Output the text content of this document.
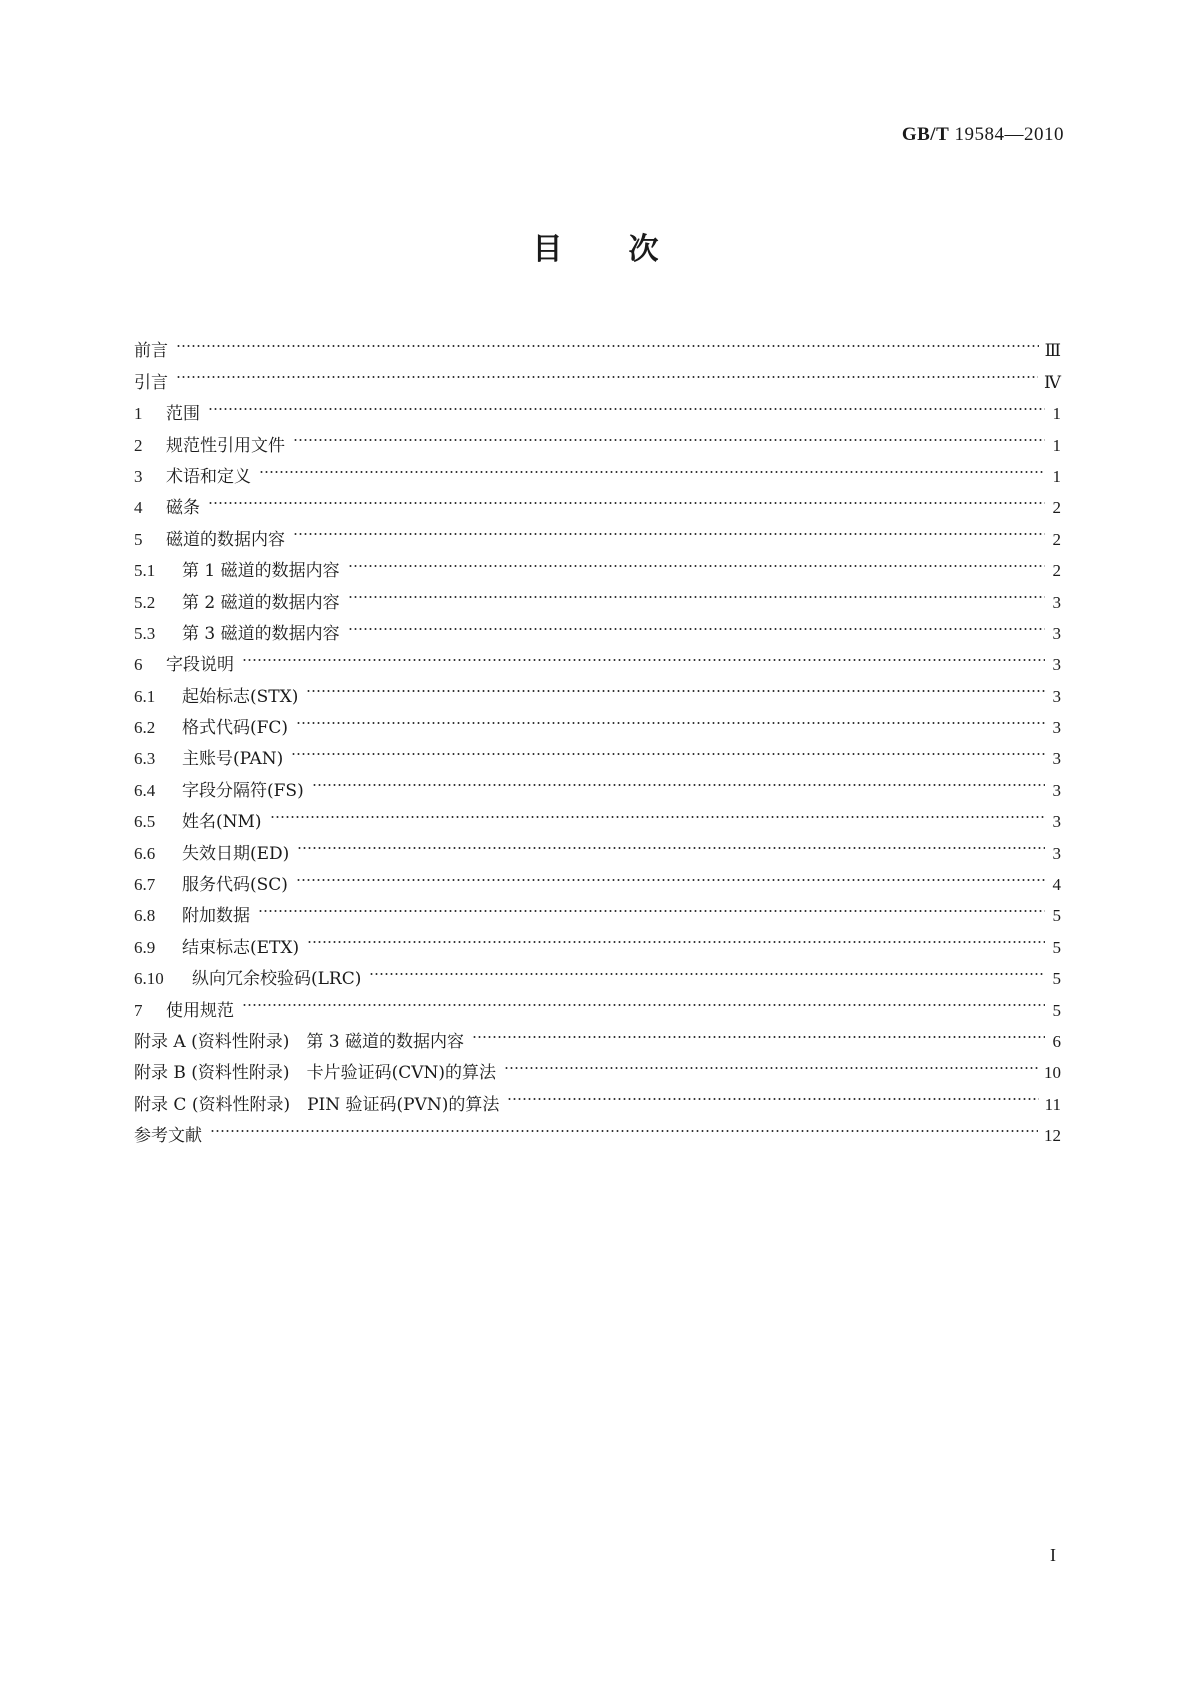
GB/T 19584—2010
目次
前言	Ⅲ
引言	Ⅳ
1	范围	1
2	规范性引用文件	1
3	术语和定义	1
4	磁条	2
5	磁道的数据内容	2
5.1	第 1 磁道的数据内容	2
5.2	第 2 磁道的数据内容	3
5.3	第 3 磁道的数据内容	3
6	字段说明	3
6.1	起始标志(STX)	3
6.2	格式代码(FC)	3
6.3	主账号(PAN)	3
6.4	字段分隔符(FS)	3
6.5	姓名(NM)	3
6.6	失效日期(ED)	3
6.7	服务代码(SC)	4
6.8	附加数据	5
6.9	结束标志(ETX)	5
6.10	纵向冗余校验码(LRC)	5
7	使用规范	5
附录 A (资料性附录)　第 3 磁道的数据内容	6
附录 B (资料性附录)　卡片验证码(CVN)的算法	10
附录 C (资料性附录)　PIN 验证码(PVN)的算法	11
参考文献	12
I
